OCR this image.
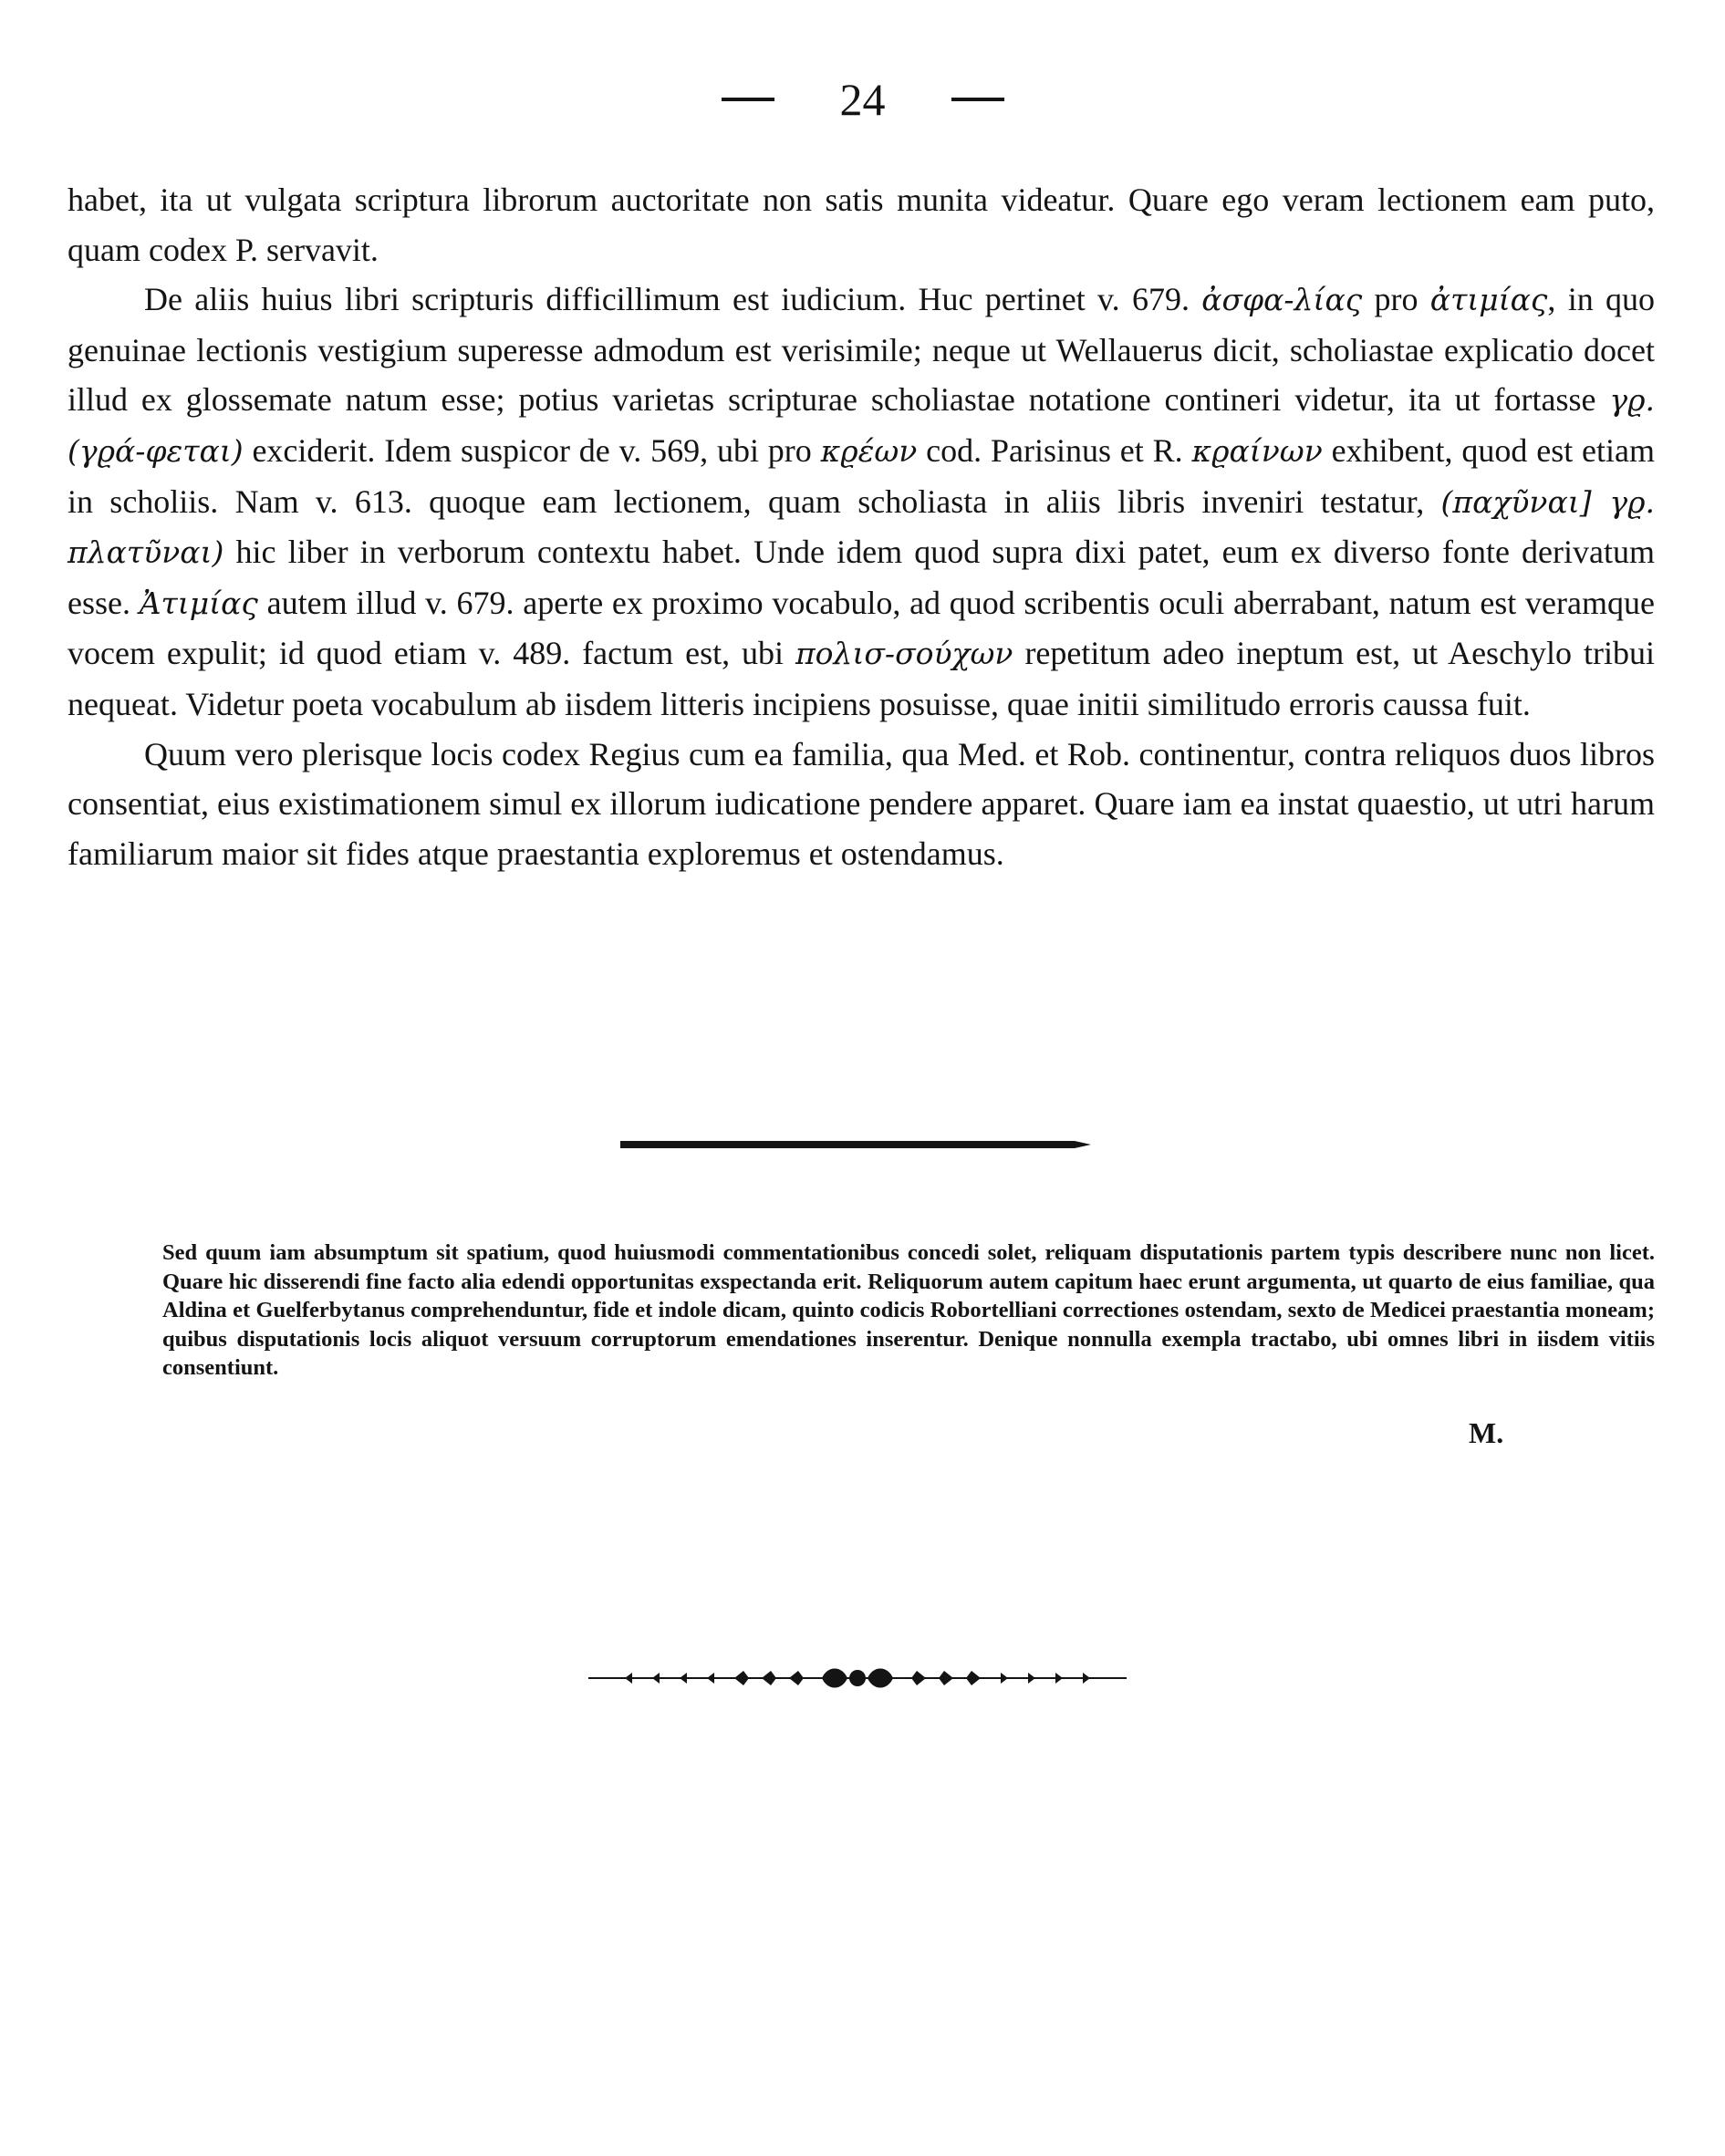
24

habet, ita ut vulgata scriptura librorum auctoritate non satis munita videatur. Quare ego veram lectionem eam puto, quam codex P. servavit.

De aliis huius libri scripturis difficillimum est iudicium. Huc pertinet v. 679. ἀσφα-λίας pro ἀτιμίας, in quo genuinae lectionis vestigium superesse admodum est verisimile; neque ut Wellauerus dicit, scholiastae explicatio docet illud ex glossemate natum esse; potius varietas scripturae scholiastae notatione contineri videtur, ita ut fortasse γϱ. (γϱά-φεται) exciderit. Idem suspicor de v. 569, ubi pro κϱέων cod. Parisinus et R. κϱαίνων exhibent, quod est etiam in scholiis. Nam v. 613. quoque eam lectionem, quam scholiasta in aliis libris inveniri testatur, (παχῦναι] γϱ. πλατῦναι) hic liber in verborum contextu habet. Unde idem quod supra dixi patet, eum ex diverso fonte derivatum esse. Ἀτιμίας autem illud v. 679. aperte ex proximo vocabulo, ad quod scribentis oculi aberrabant, natum est veramque vocem expulit; id quod etiam v. 489. factum est, ubi πολισ-σούχων repetitum adeo ineptum est, ut Aeschylo tribui nequeat. Videtur poeta vocabulum ab iisdem litteris incipiens posuisse, quae initii similitudo erroris caussa fuit.

Quum vero plerisque locis codex Regius cum ea familia, qua Med. et Rob. continentur, contra reliquos duos libros consentiat, eius existimationem simul ex illorum iudicatione pendere apparet. Quare iam ea instat quaestio, ut utri harum familiarum maior sit fides atque praestantia exploremus et ostendamus.

Sed quum iam absumptum sit spatium, quod huiusmodi commentationibus concedi solet, reliquam disputationis partem typis describere nunc non licet. Quare hic disserendi fine facto alia edendi opportunitas exspectanda erit. Reliquorum autem capitum haec erunt argumenta, ut quarto de eius familiae, qua Aldina et Guelferbytanus comprehenduntur, fide et indole dicam, quinto codicis Robortelliani correctiones ostendam, sexto de Medicei praestantia moneam; quibus disputationis locis aliquot versuum corruptorum emendationes inserentur. Denique nonnulla exempla tractabo, ubi omnes libri in iisdem vitiis consentiunt.
M.
